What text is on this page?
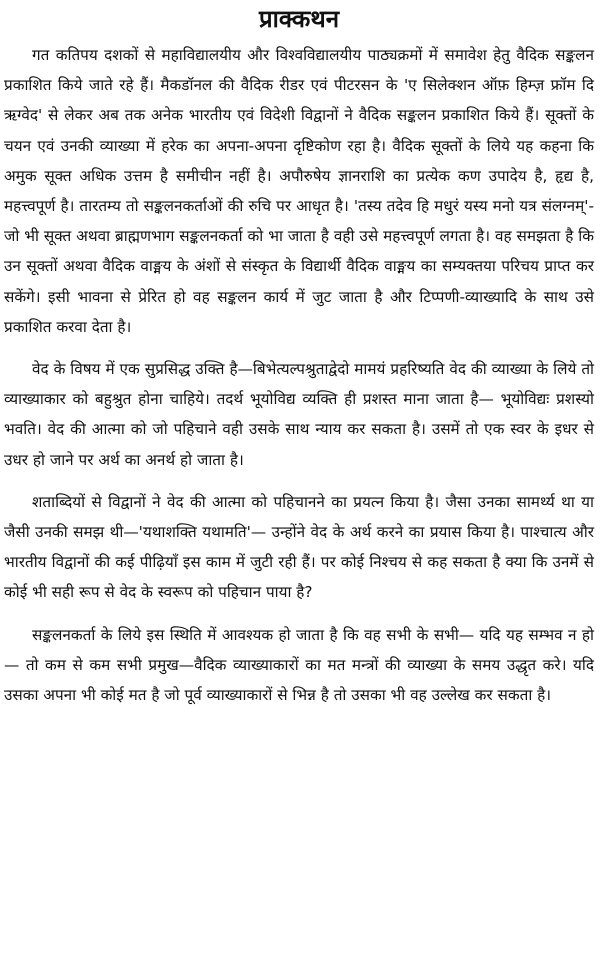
प्राक्कथन

गत कतिपय दशकों से महाविद्यालयीय और विश्वविद्यालयीय पाठ्यक्रमों में समावेश हेतु वैदिक सङ्कलन प्रकाशित किये जाते रहे हैं। मैकडॉनल की वैदिक रीडर एवं पीटरसन के 'ए सिलेक्शन ऑफ़ हिम्ज़ फ्रॉम दि ऋग्वेद' से लेकर अब तक अनेक भारतीय एवं विदेशी विद्वानों ने वैदिक सङ्कलन प्रकाशित किये हैं। सूक्तों के चयन एवं उनकी व्याख्या में हरेक का अपना-अपना दृष्टिकोण रहा है। वैदिक सूक्तों के लिये यह कहना कि अमुक सूक्त अधिक उत्तम है समीचीन नहीं है। अपौरुषेय ज्ञानराशि का प्रत्येक कण उपादेय है, हृद्य है, महत्त्वपूर्ण है। तारतम्य तो सङ्कलनकर्ताओं की रुचि पर आधृत है। 'तस्य तदेव हि मधुरं यस्य मनो यत्र संलग्नम्'- जो भी सूक्त अथवा ब्राह्मणभाग सङ्कलनकर्ता को भा जाता है वही उसे महत्त्वपूर्ण लगता है। वह समझता है कि उन सूक्तों अथवा वैदिक वाङ्मय के अंशों से संस्कृत के विद्यार्थी वैदिक वाङ्मय का सम्यक्तया परिचय प्राप्त कर सकेंगे। इसी भावना से प्रेरित हो वह सङ्कलन कार्य में जुट जाता है और टिप्पणी-व्याख्यादि के साथ उसे प्रकाशित करवा देता है।

वेद के विषय में एक सुप्रसिद्ध उक्ति है—बिभेत्यल्पश्रुताद्वेदो मामयं प्रहरिष्यति वेद की व्याख्या के लिये तो व्याख्याकार को बहुश्रुत होना चाहिये। तदर्थ भूयोविद्य व्यक्ति ही प्रशस्त माना जाता है— भूयोविद्यः प्रशस्यो भवति। वेद की आत्मा को जो पहिचाने वही उसके साथ न्याय कर सकता है। उसमें तो एक स्वर के इधर से उधर हो जाने पर अर्थ का अनर्थ हो जाता है।

शताब्दियों से विद्वानों ने वेद की आत्मा को पहिचानने का प्रयत्न किया है। जैसा उनका सामर्थ्य था या जैसी उनकी समझ थी—'यथाशक्ति यथामति'— उन्होंने वेद के अर्थ करने का प्रयास किया है। पाश्चात्य और भारतीय विद्वानों की कई पीढ़ियाँ इस काम में जुटी रही हैं। पर कोई निश्चय से कह सकता है क्या कि उनमें से कोई भी सही रूप से वेद के स्वरूप को पहिचान पाया है?

सङ्कलनकर्ता के लिये इस स्थिति में आवश्यक हो जाता है कि वह सभी के सभी— यदि यह सम्भव न हो— तो कम से कम सभी प्रमुख—वैदिक व्याख्याकारों का मत मन्त्रों की व्याख्या के समय उद्धृत करे। यदि उसका अपना भी कोई मत है जो पूर्व व्याख्याकारों से भिन्न है तो उसका भी वह उल्लेख कर सकता है।
